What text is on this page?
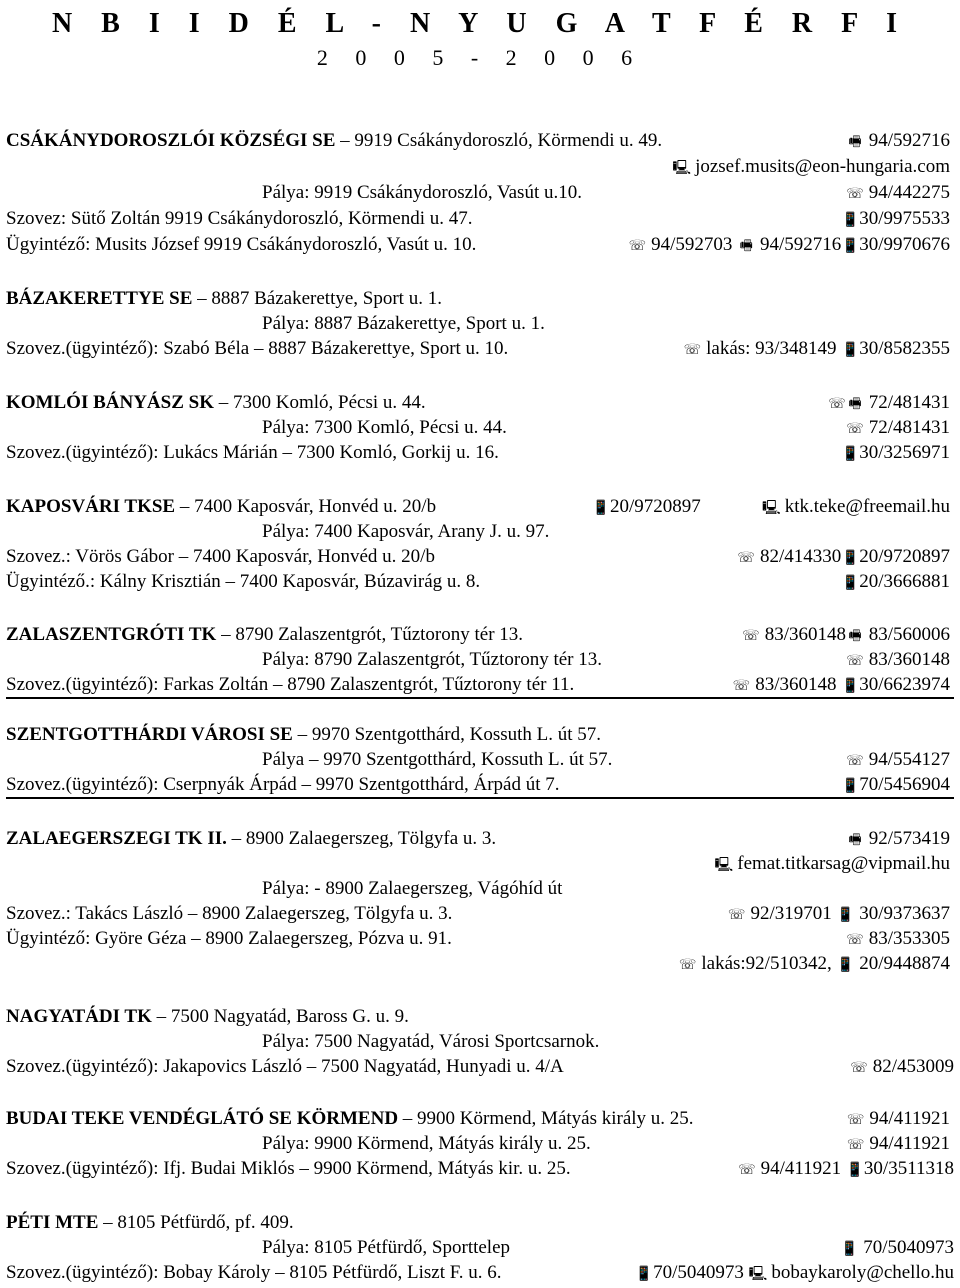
N B I I D É L - N Y U G A T F É R F I
2 0 0 5 - 2 0 0 6
CSÁKÁNYDOROSZLÓI KÖZSÉGI SE – 9919 Csákánydoroszló, Körmendi u. 49.	🖷 94/592716
🖳 jozsef.musits@eon-hungaria.com
Pálya: 9919 Csákánydoroszló, Vasút u.10.	☏ 94/442275
Szovez: Sütő Zoltán 9919 Csákánydoroszló, Körmendi u. 47.	📱30/9975533
Ügyintéző: Musits József 9919 Csákánydoroszló, Vasút u. 10.	☏ 94/592703 🖷 94/592716📱30/9970676
BÁZAKERETTYE SE – 8887 Bázakerettye, Sport u. 1.
Pálya: 8887 Bázakerettye, Sport u. 1.
Szovez.(ügyintéző): Szabó Béla – 8887 Bázakerettye, Sport u. 10.	☏ lakás: 93/348149 📱30/8582355
KOMLÓI BÁNYÁSZ SK – 7300 Komló, Pécsi u. 44.	☏ 🖷 72/481431
Pálya: 7300 Komló, Pécsi u. 44.	☏ 72/481431
Szovez.(ügyintéző): Lukács Márián – 7300 Komló, Gorkij u. 16.	📱30/3256971
KAPOSVÁRI TKSE – 7400 Kaposvár, Honvéd u. 20/b	📱20/9720897	🖳 ktk.teke@freemail.hu
Pálya: 7400 Kaposvár, Arany J. u. 97.
Szovez.: Vörös Gábor – 7400 Kaposvár, Honvéd u. 20/b	☏ 82/414330📱20/9720897
Ügyintéző.: Kálny Krisztián – 7400 Kaposvár, Búzavirág u. 8.	📱20/3666881
ZALASZENTGRÓTI TK – 8790 Zalaszentgrót, Tűztorony tér 13.	☏ 83/360148 🖷 83/560006
Pálya: 8790 Zalaszentgrót, Tűztorony tér 13.	☏ 83/360148
Szovez.(ügyintéző): Farkas Zoltán – 8790 Zalaszentgrót, Tűztorony tér 11.	☏ 83/360148 📱30/6623974
SZENTGOTTHÁRDI VÁROSI SE – 9970 Szentgotthárd, Kossuth L. út 57.
Pálya – 9970 Szentgotthárd, Kossuth L. út 57.	☏ 94/554127
Szovez.(ügyintéző): Cserpnyák Árpád – 9970 Szentgotthárd, Árpád út 7.	📱70/5456904
ZALAEGERSZEGI TK II. – 8900 Zalaegerszeg, Tölgyfa u. 3.	🖷 92/573419
🖳 femat.titkarsag@vipmail.hu
Pálya: - 8900 Zalaegerszeg, Vágóhíd út
Szovez.: Takács László – 8900 Zalaegerszeg, Tölgyfa u. 3.	☏ 92/319701 📱 30/9373637
Ügyintéző: Györe Géza – 8900 Zalaegerszeg, Pózva u. 91.	☏ 83/353305
☏ lakás:92/510342, 📱 20/9448874
NAGYATÁDI TK – 7500 Nagyatád, Baross G. u. 9.
Pálya: 7500 Nagyatád, Városi Sportcsarnok.
Szovez.(ügyintéző): Jakapovics László – 7500 Nagyatád, Hunyadi u. 4/A	☏ 82/453009
BUDAI TEKE VENDÉGLÁTÓ SE KÖRMEND – 9900 Körmend, Mátyás király u. 25.	☏ 94/411921
Pálya: 9900 Körmend, Mátyás király u. 25.	☏ 94/411921
Szovez.(ügyintéző): Ifj. Budai Miklós – 9900 Körmend, Mátyás kir. u. 25.	☏ 94/411921 📱30/3511318
PÉTI MTE – 8105 Pétfürdő, pf. 409.
Pálya: 8105 Pétfürdő, Sporttelep	📱 70/5040973
Szovez.(ügyintéző): Bobay Károly – 8105 Pétfürdő, Liszt F. u. 6.	📱70/5040973 🖳 bobaykaroly@chello.hu
